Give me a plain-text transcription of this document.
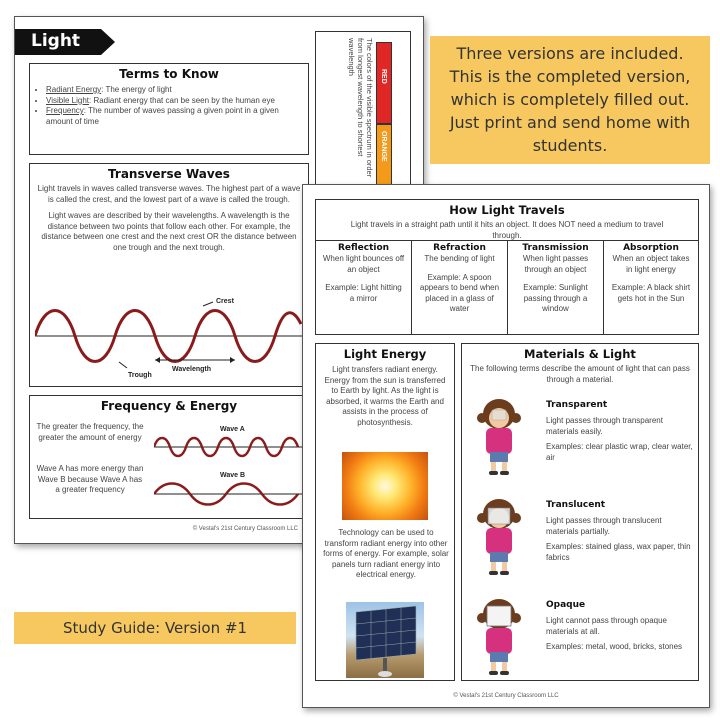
Light	The colors of the visible spectrum in order from longest wavelength to shortest wavelength
RED
ORANGE
Terms to Know
• Radiant Energy: The energy of light
• Visible Light: Radiant energy that can be seen by the human eye
• Frequency: The number of waves passing a given point in a given amount of time
Transverse Waves

Light travels in waves called transverse waves. The highest part of a wave is called the crest, and the lowest part of a wave is called the trough.

Light waves are described by their wavelengths. A wavelength is the distance between two points that follow each other. For example, the distance between one crest and the next crest OR the distance between one trough and the next trough.

Crest
Trough
Wavelength
Frequency & Energy

The greater the frequency, the greater the amount of energy

Wave A has more energy than Wave B because Wave A has a greater frequency

Wave A
Wave B
© Vestal's 21st Century Classroom LLC
Three versions are included. This is the completed version, which is completely filled out. Just print and send home with students.
How Light Travels

Light travels in a straight path until it hits an object. It does NOT need a medium to travel through.

Reflection

When light bounces off an object

Example: Light hitting a mirror

Refraction

The bending of light

Example: A spoon appears to bend when placed in a glass of water

Transmission

When light passes through an object

Example: Sunlight passing through a window

Absorption

When an object takes in light energy

Example: A black shirt gets hot in the Sun

Light Energy

Light transfers radiant energy. Energy from the sun is transferred to Earth by light. As the light is absorbed, it warms the Earth and assists in the process of photosynthesis.

Technology can be used to transform radiant energy into other forms of energy. For example, solar panels turn radiant energy into electrical energy.

Materials & Light

The following terms describe the amount of light that can pass through a material.

Transparent

Light passes through transparent materials easily.

Examples: clear plastic wrap, clear water, air

Translucent

Light passes through translucent materials partially.

Examples: stained glass, wax paper, thin fabrics

Opaque

Light cannot pass through opaque materials at all.

Examples: metal, wood, bricks, stones

© Vestal's 21st Century Classroom LLC
Study Guide: Version #1
